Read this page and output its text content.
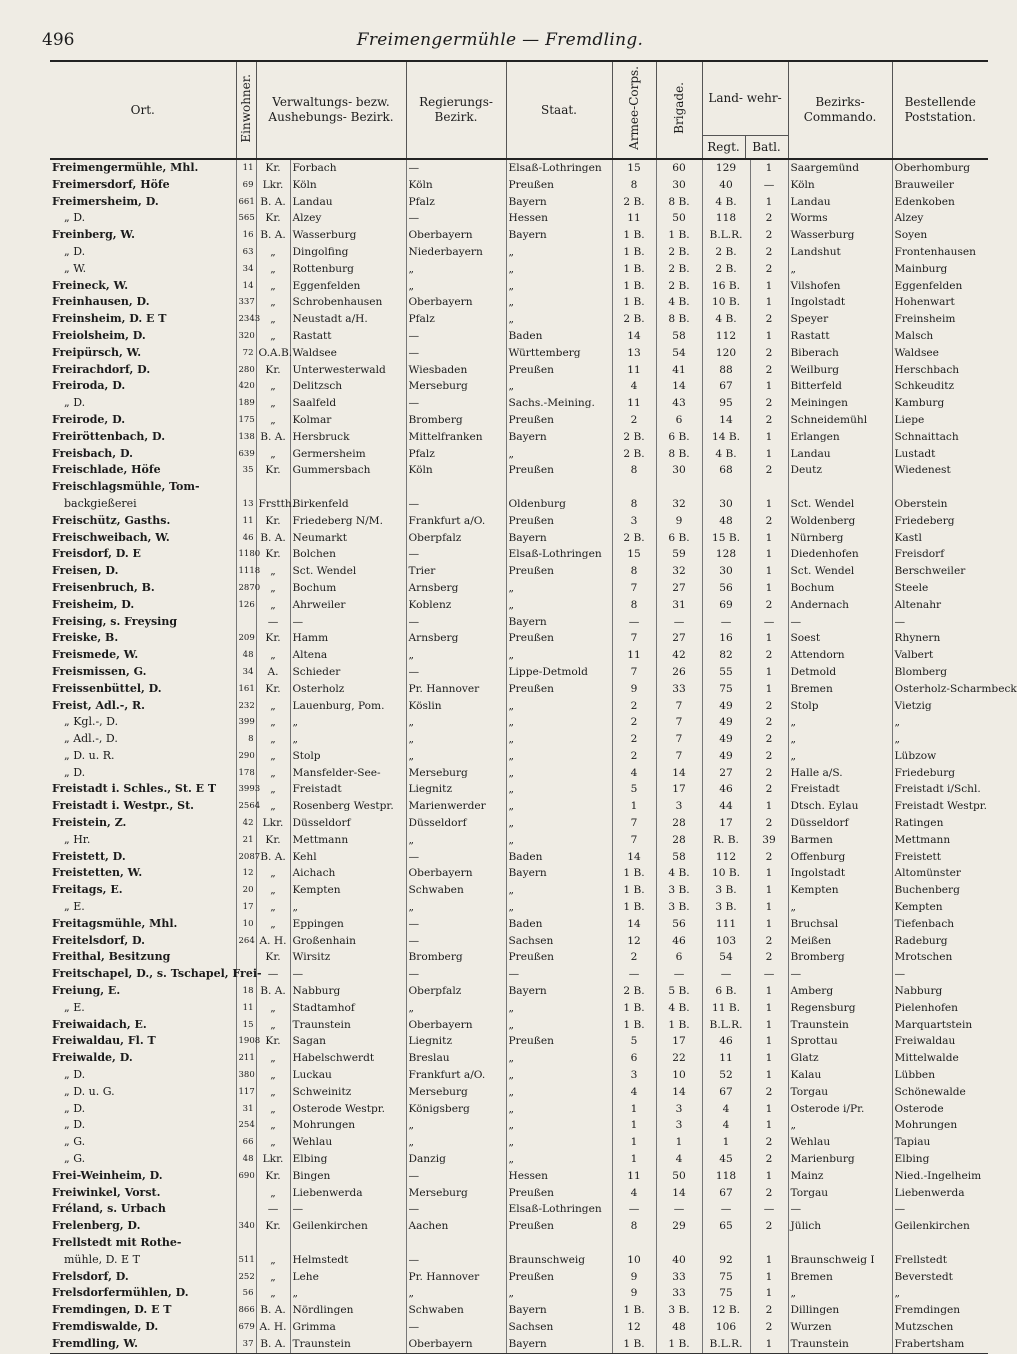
496	Freimengermühle — Fremdling.
Ort.	Einwohner.	Verwaltungs- bezw. Aushebungs- Bezirk.		Regierungs- Bezirk.	Staat.	Armee-Corps.	Brigade.	Land- wehr-
Regt. Batl.		Bezirks- Commando.	Bestellende Poststation.
Freimengermühle, Mhl.	11	Kr.	Forbach	—	Elsaß-Lothringen	15	60	129	1	Saargemünd	Oberhomburg
Freimersdorf, Höfe	69	Lkr.	Köln	Köln	Preußen	8	30	40	—	Köln	Brauweiler
Freimersheim, D.	661	B. A.	Landau	Pfalz	Bayern	2 B.	8 B.	4 B.	1	Landau	Edenkoben
„ D.	565	Kr.	Alzey	—	Hessen	11	50	118	2	Worms	Alzey
Freinberg, W.	16	B. A.	Wasserburg	Oberbayern	Bayern	1 B.	1 B.	B.L.R.	2	Wasserburg	Soyen
„ D.	63	„	Dingolfing	Niederbayern	„	1 B.	2 B.	2 B.	2	Landshut	Frontenhausen
„ W.	34	„	Rottenburg	„	„	1 B.	2 B.	2 B.	2	„	Mainburg
Freineck, W.	14	„	Eggenfelden	„	„	1 B.	2 B.	16 B.	1	Vilshofen	Eggenfelden
Freinhausen, D.	337	„	Schrobenhausen	Oberbayern	„	1 B.	4 B.	10 B.	1	Ingolstadt	Hohenwart
Freinsheim, D. E T	2343	„	Neustadt a/H.	Pfalz	„	2 B.	8 B.	4 B.	2	Speyer	Freinsheim
Freiolsheim, D.	320	„	Rastatt	—	Baden	14	58	112	1	Rastatt	Malsch
Freipürsch, W.	72	O.A.B.	Waldsee	—	Württemberg	13	54	120	2	Biberach	Waldsee
Freirachdorf, D.	280	Kr.	Unterwesterwald	Wiesbaden	Preußen	11	41	88	2	Weilburg	Herschbach
Freiroda, D.	420	„	Delitzsch	Merseburg	„	4	14	67	1	Bitterfeld	Schkeuditz
„ D.	189	„	Saalfeld	—	Sachs.-Meining.	11	43	95	2	Meiningen	Kamburg
Freirode, D.	175	„	Kolmar	Bromberg	Preußen	2	6	14	2	Schneidemühl	Liepe
Freiröttenbach, D.	138	B. A.	Hersbruck	Mittelfranken	Bayern	2 B.	6 B.	14 B.	1	Erlangen	Schnaittach
Freisbach, D.	639	„	Germersheim	Pfalz	„	2 B.	8 B.	4 B.	1	Landau	Lustadt
Freischlade, Höfe	35	Kr.	Gummersbach	Köln	Preußen	8	30	68	2	Deutz	Wiedenest
Freischlagsmühle, Tom-											
backgießerei	13	Frstth.	Birkenfeld	—	Oldenburg	8	32	30	1	Sct. Wendel	Oberstein
Freischütz, Gasths.	11	Kr.	Friedeberg N/M.	Frankfurt a/O.	Preußen	3	9	48	2	Woldenberg	Friedeberg
Freischweibach, W.	46	B. A.	Neumarkt	Oberpfalz	Bayern	2 B.	6 B.	15 B.	1	Nürnberg	Kastl
Freisdorf, D. E	1180	Kr.	Bolchen	—	Elsaß-Lothringen	15	59	128	1	Diedenhofen	Freisdorf
Freisen, D.	1118	„	Sct. Wendel	Trier	Preußen	8	32	30	1	Sct. Wendel	Berschweiler
Freisenbruch, B.	2870	„	Bochum	Arnsberg	„	7	27	56	1	Bochum	Steele
Freisheim, D.	126	„	Ahrweiler	Koblenz	„	8	31	69	2	Andernach	Altenahr
Freising, s. Freysing		—	—	—	Bayern	—	—	—	—	—	—
Freiske, B.	209	Kr.	Hamm	Arnsberg	Preußen	7	27	16	1	Soest	Rhynern
Freismede, W.	48	„	Altena	„	„	11	42	82	2	Attendorn	Valbert
Freismissen, G.	34	A.	Schieder	—	Lippe-Detmold	7	26	55	1	Detmold	Blomberg
Freissenbüttel, D.	161	Kr.	Osterholz	Pr. Hannover	Preußen	9	33	75	1	Bremen	Osterholz-Scharmbeck
Freist, Adl.-, R.	232	„	Lauenburg, Pom.	Köslin	„	2	7	49	2	Stolp	Vietzig
„ Kgl.-, D.	399	„	„	„	„	2	7	49	2	„	„
„ Adl.-, D.	8	„	„	„	„	2	7	49	2	„	„
„ D. u. R.	290	„	Stolp	„	„	2	7	49	2	„	Lübzow
„ D.	178	„	Mansfelder-See-	Merseburg	„	4	14	27	2	Halle a/S.	Friedeburg
Freistadt i. Schles., St. E T	3993	„	Freistadt	Liegnitz	„	5	17	46	2	Freistadt	Freistadt i/Schl.
Freistadt i. Westpr., St.	2564	„	Rosenberg Westpr.	Marienwerder	„	1	3	44	1	Dtsch. Eylau	Freistadt Westpr.
Freistein, Z.	42	Lkr.	Düsseldorf	Düsseldorf	„	7	28	17	2	Düsseldorf	Ratingen
„ Hr.	21	Kr.	Mettmann	„	„	7	28	R. B.	39	Barmen	Mettmann
Freistett, D.	2087	B. A.	Kehl	—	Baden	14	58	112	2	Offenburg	Freistett
Freistetten, W.	12	„	Aichach	Oberbayern	Bayern	1 B.	4 B.	10 B.	1	Ingolstadt	Altomünster
Freitags, E.	20	„	Kempten	Schwaben	„	1 B.	3 B.	3 B.	1	Kempten	Buchenberg
„ E.	17	„	„	„	„	1 B.	3 B.	3 B.	1	„	Kempten
Freitagsmühle, Mhl.	10	„	Eppingen	—	Baden	14	56	111	1	Bruchsal	Tiefenbach
Freitelsdorf, D.	264	A. H.	Großenhain	—	Sachsen	12	46	103	2	Meißen	Radeburg
Freithal, Besitzung		Kr.	Wirsitz	Bromberg	Preußen	2	6	54	2	Bromberg	Mrotschen
Freitschapel, D., s. Tschapel, Frei-		—	—	—	—	—	—	—	—	—	—
Freiung, E.	18	B. A.	Nabburg	Oberpfalz	Bayern	2 B.	5 B.	6 B.	1	Amberg	Nabburg
„ E.	11	„	Stadtamhof	„	„	1 B.	4 B.	11 B.	1	Regensburg	Pielenhofen
Freiwaidach, E.	15	„	Traunstein	Oberbayern	„	1 B.	1 B.	B.L.R.	1	Traunstein	Marquartstein
Freiwaldau, Fl. T	1908	Kr.	Sagan	Liegnitz	Preußen	5	17	46	1	Sprottau	Freiwaldau
Freiwalde, D.	211	„	Habelschwerdt	Breslau	„	6	22	11	1	Glatz	Mittelwalde
„ D.	380	„	Luckau	Frankfurt a/O.	„	3	10	52	1	Kalau	Lübben
„ D. u. G.	117	„	Schweinitz	Merseburg	„	4	14	67	2	Torgau	Schönewalde
„ D.	31	„	Osterode Westpr.	Königsberg	„	1	3	4	1	Osterode i/Pr.	Osterode
„ D.	254	„	Mohrungen	„	„	1	3	4	1	„	Mohrungen
„ G.	66	„	Wehlau	„	„	1	1	1	2	Wehlau	Tapiau
„ G.	48	Lkr.	Elbing	Danzig	„	1	4	45	2	Marienburg	Elbing
Frei-Weinheim, D.	690	Kr.	Bingen	—	Hessen	11	50	118	1	Mainz	Nied.-Ingelheim
Freiwinkel, Vorst.		„	Liebenwerda	Merseburg	Preußen	4	14	67	2	Torgau	Liebenwerda
Fréland, s. Urbach		—	—	—	Elsaß-Lothringen	—	—	—	—	—	—
Frelenberg, D.	340	Kr.	Geilenkirchen	Aachen	Preußen	8	29	65	2	Jülich	Geilenkirchen
Frellstedt mit Rothe-											
mühle, D. E T	511	„	Helmstedt	—	Braunschweig	10	40	92	1	Braunschweig I	Frellstedt
Frelsdorf, D.	252	„	Lehe	Pr. Hannover	Preußen	9	33	75	1	Bremen	Beverstedt
Frelsdorfermühlen, D.	56	„	„	„	„	9	33	75	1	„	„
Fremdingen, D. E T	866	B. A.	Nördlingen	Schwaben	Bayern	1 B.	3 B.	12 B.	2	Dillingen	Fremdingen
Fremdiswalde, D.	679	A. H.	Grimma	—	Sachsen	12	48	106	2	Wurzen	Mutzschen
Fremdling, W.	37	B. A.	Traunstein	Oberbayern	Bayern	1 B.	1 B.	B.L.R.	1	Traunstein	Frabertsham
